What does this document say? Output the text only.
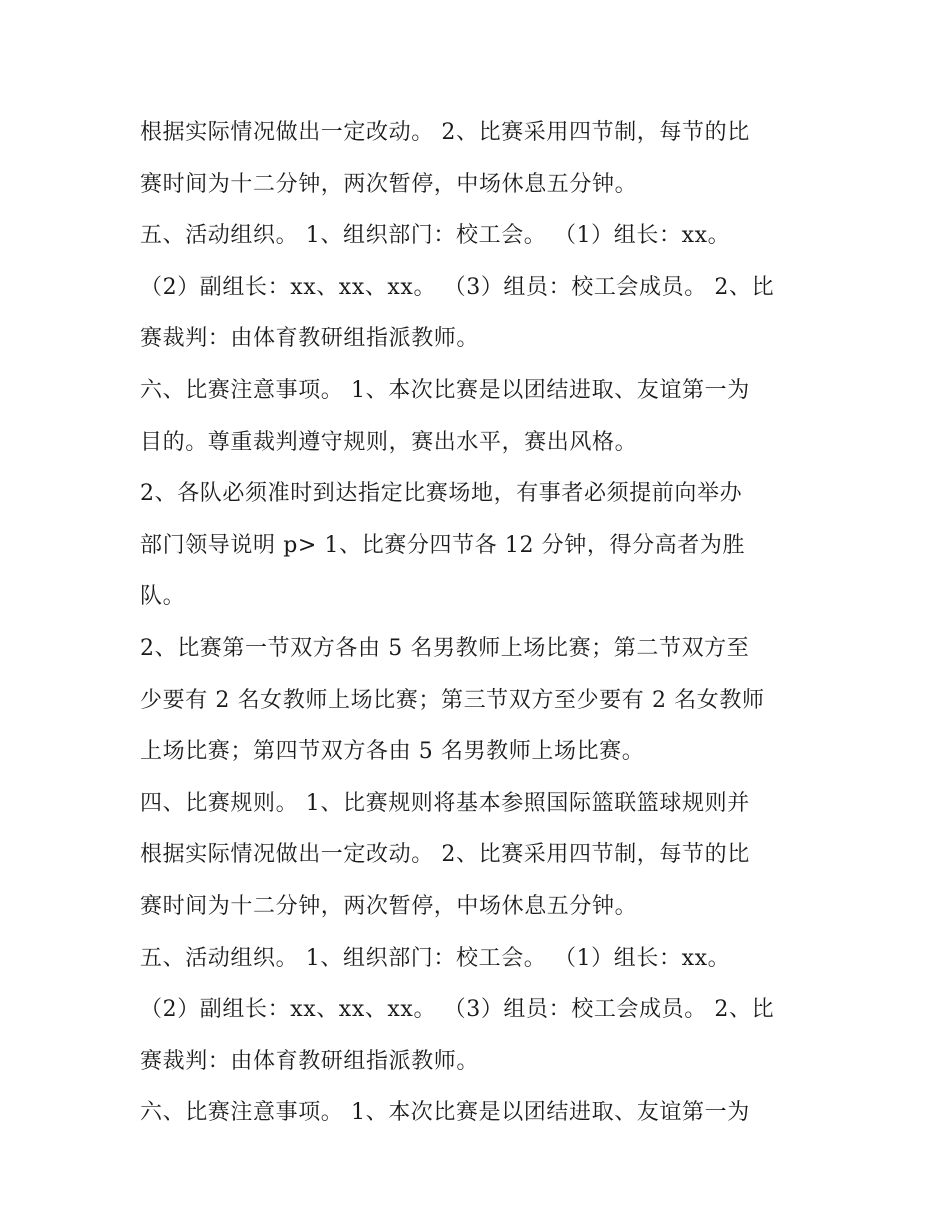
根据实际情况做出一定改动。 2、比赛采用四节制，每节的比
赛时间为十二分钟，两次暂停，中场休息五分钟。
五、活动组织。 1、组织部门：校工会。 （1）组长：xx。
（2）副组长：xx、xx、xx。 （3）组员：校工会成员。 2、比
赛裁判：由体育教研组指派教师。
六、比赛注意事项。 1、本次比赛是以团结进取、友谊第一为
目的。尊重裁判遵守规则，赛出水平，赛出风格。
2、各队必须准时到达指定比赛场地，有事者必须提前向举办
部门领导说明 p> 1、比赛分四节各 12 分钟，得分高者为胜
队。
2、比赛第一节双方各由 5 名男教师上场比赛；第二节双方至
少要有 2 名女教师上场比赛；第三节双方至少要有 2 名女教师
上场比赛；第四节双方各由 5 名男教师上场比赛。
四、比赛规则。 1、比赛规则将基本参照国际篮联篮球规则并
根据实际情况做出一定改动。 2、比赛采用四节制，每节的比
赛时间为十二分钟，两次暂停，中场休息五分钟。
五、活动组织。 1、组织部门：校工会。 （1）组长：xx。
（2）副组长：xx、xx、xx。 （3）组员：校工会成员。 2、比
赛裁判：由体育教研组指派教师。
六、比赛注意事项。 1、本次比赛是以团结进取、友谊第一为
